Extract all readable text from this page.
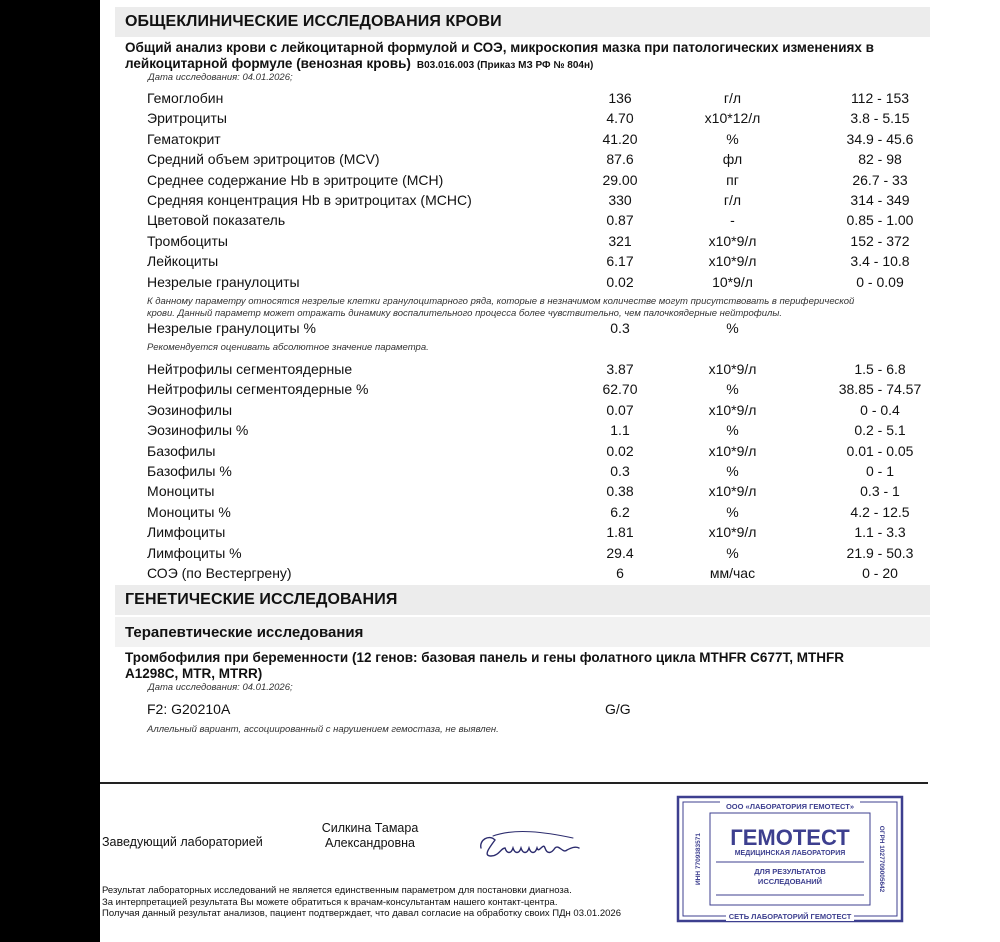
ОБЩЕКЛИНИЧЕСКИЕ ИССЛЕДОВАНИЯ КРОВИ
Общий анализ крови с лейкоцитарной формулой и СОЭ, микроскопия мазка при патологических изменениях в
лейкоцитарной формуле (венозная кровь) B03.016.003 (Приказ МЗ РФ № 804н)
Дата исследования: 04.01.2026;
Гемоглобин	136	г/л	112 - 153
Эритроциты	4.70	x10*12/л	3.8 - 5.15
Гематокрит	41.20	%	34.9 - 45.6
Средний объем эритроцитов (MCV)	87.6	фл	82 - 98
Среднее содержание Hb в эритроците (MCH)	29.00	пг	26.7 - 33
Средняя концентрация Hb в эритроцитах (MCHC)	330	г/л	314 - 349
Цветовой показатель	0.87	-	0.85 - 1.00
Тромбоциты	321	x10*9/л	152 - 372
Лейкоциты	6.17	x10*9/л	3.4 - 10.8
Незрелые гранулоциты	0.02	10*9/л	0 - 0.09
К данному параметру относятся незрелые клетки гранулоцитарного ряда, которые в незначимом количестве могут присутствовать в периферической
крови. Данный параметр может отражать динамику воспалительного процесса более чувствительно, чем палочкоядерные нейтрофилы.
Незрелые гранулоциты %	0.3	%
Рекомендуется оценивать абсолютное значение параметра.
Нейтрофилы сегментоядерные	3.87	x10*9/л	1.5 - 6.8
Нейтрофилы сегментоядерные %	62.70	%	38.85 - 74.57
Эозинофилы	0.07	x10*9/л	0 - 0.4
Эозинофилы %	1.1	%	0.2 - 5.1
Базофилы	0.02	x10*9/л	0.01 - 0.05
Базофилы %	0.3	%	0 - 1
Моноциты	0.38	x10*9/л	0.3 - 1
Моноциты %	6.2	%	4.2 - 12.5
Лимфоциты	1.81	x10*9/л	1.1 - 3.3
Лимфоциты %	29.4	%	21.9 - 50.3
СОЭ (по Вестергрену)	6	мм/час	0 - 20
ГЕНЕТИЧЕСКИЕ ИССЛЕДОВАНИЯ
Терапевтические исследования
Тромбофилия при беременности (12 генов: базовая панель и гены фолатного цикла MTHFR C677T, MTHFR
A1298C, MTR, MTRR)
Дата исследования: 04.01.2026;
F2: G20210A	G/G
Аллельный вариант, ассоциированный с нарушением гемостаза, не выявлен.
Заведующий лабораторией
Силкина Тамара
Александровна
Результат лабораторных исследований не является единственным параметром для постановки диагноза.
За интерпретацией результата Вы можете обратиться к врачам-консультантам нашего контакт-центра.
Получая данный результат анализов, пациент подтверждает, что давал согласие на обработку своих ПДн 03.01.2026
ООО «ЛАБОРАТОРИЯ ГЕМОТЕСТ»
ГЕМОТЕСТ
МЕДИЦИНСКАЯ ЛАБОРАТОРИЯ
ДЛЯ РЕЗУЛЬТАТОВ
ИССЛЕДОВАНИЙ
СЕТЬ ЛАБОРАТОРИЙ ГЕМОТЕСТ
ИНН 7709383571	ОГРН 1027709005642
